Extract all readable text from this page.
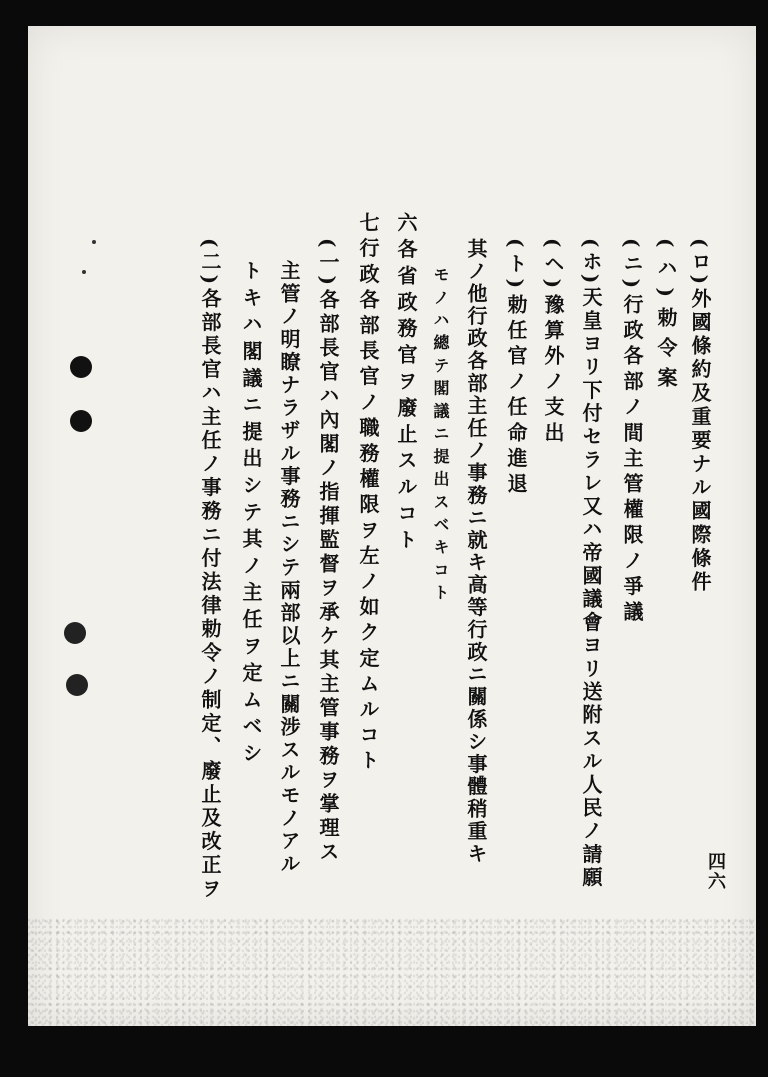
四六
(ロ)外國條約及重要ナル國際條件
(ハ)勅令案
(ニ)行政各部ノ間主管權限ノ爭議
(ホ)天皇ヨリ下付セラレ又ハ帝國議會ヨリ送附スル人民ノ請願
(ヘ)豫算外ノ支出
(ト)勅任官ノ任命進退
其ノ他行政各部主任ノ事務ニ就キ高等行政ニ關係シ事體稍重キ
モノハ總テ閣議ニ提出スベキコト
六各省政務官ヲ廢止スルコト
七行政各部長官ノ職務權限ヲ左ノ如ク定ムルコト
(一)各部長官ハ內閣ノ指揮監督ヲ承ケ其主管事務ヲ掌理ス
主管ノ明瞭ナラザル事務ニシテ兩部以上ニ關涉スルモノアル
トキハ閣議ニ提出シテ其ノ主任ヲ定ムベシ
(二)各部長官ハ主任ノ事務ニ付法律勅令ノ制定、廢止及改正ヲ
